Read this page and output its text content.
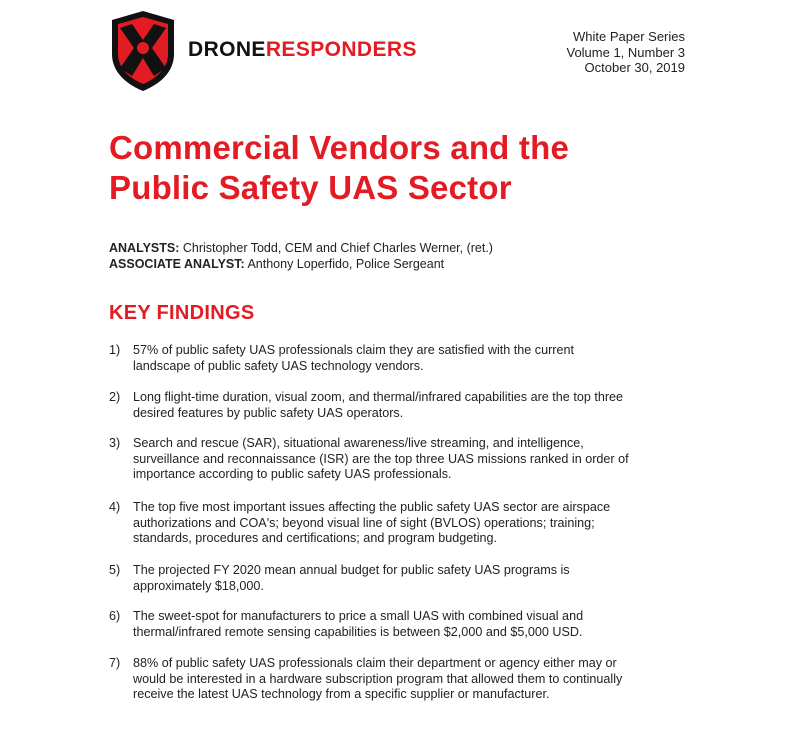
DRONERESPONDERS
White Paper Series
Volume 1, Number 3
October 30, 2019
Commercial Vendors and the
Public Safety UAS Sector
ANALYSTS: Christopher Todd, CEM and Chief Charles Werner, (ret.)
ASSOCIATE ANALYST: Anthony Loperfido, Police Sergeant
KEY FINDINGS
1) 57% of public safety UAS professionals claim they are satisfied with the current
landscape of public safety UAS technology vendors.
2) Long flight-time duration, visual zoom, and thermal/infrared capabilities are the top three
desired features by public safety UAS operators.
3) Search and rescue (SAR), situational awareness/live streaming, and intelligence,
surveillance and reconnaissance (ISR) are the top three UAS missions ranked in order of
importance according to public safety UAS professionals.
4) The top five most important issues affecting the public safety UAS sector are airspace
authorizations and COA's; beyond visual line of sight (BVLOS) operations; training;
standards, procedures and certifications; and program budgeting.
5) The projected FY 2020 mean annual budget for public safety UAS programs is
approximately $18,000.
6) The sweet-spot for manufacturers to price a small UAS with combined visual and
thermal/infrared remote sensing capabilities is between $2,000 and $5,000 USD.
7) 88% of public safety UAS professionals claim their department or agency either may or
would be interested in a hardware subscription program that allowed them to continually
receive the latest UAS technology from a specific supplier or manufacturer.
